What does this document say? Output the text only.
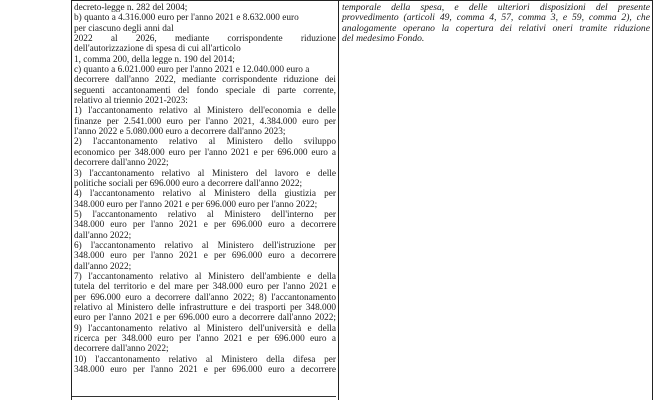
decreto-legge n. 282 del 2004;
b) quanto a 4.316.000 euro per l'anno 2021 e 8.632.000 euro
per ciascuno degli anni dal
2022 al 2026, mediante corrispondente riduzione
dell'autorizzazione di spesa di cui all'articolo
1, comma 200, della legge n. 190 del 2014;
c) quanto a 6.021.000 euro per l'anno 2021 e 12.040.000 euro a
decorrere dall'anno 2022, mediante corrispondente riduzione dei
seguenti accantonamenti del fondo speciale di parte corrente,
relativo al triennio 2021-2023:
1) l'accantonamento relativo al Ministero dell'economia e delle
finanze per 2.541.000 euro per l'anno 2021, 4.384.000 euro per
l'anno 2022 e 5.080.000 euro a decorrere dall'anno 2023;
2) l'accantonamento relativo al Ministero dello sviluppo
economico per 348.000 euro per l'anno 2021 e per 696.000 euro a
decorrere dall'anno 2022;
3) l'accantonamento relativo al Ministero del lavoro e delle
politiche sociali per 696.000 euro a decorrere dall'anno 2022;
4) l'accantonamento relativo al Ministero della giustizia per
348.000 euro per l'anno 2021 e per 696.000 euro per l'anno 2022;
5) l'accantonamento relativo al Ministero dell'interno per
348.000 euro per l'anno 2021 e per 696.000 euro a decorrere
dall'anno 2022;
6) l'accantonamento relativo al Ministero dell'istruzione per
348.000 euro per l'anno 2021 e per 696.000 euro a decorrere
dall'anno 2022;
7) l'accantonamento relativo al Ministero dell'ambiente e della
tutela del territorio e del mare per 348.000 euro per l'anno 2021 e
per 696.000 euro a decorrere dall'anno 2022; 8) l'accantonamento
relativo al Ministero delle infrastrutture e dei trasporti per 348.000
euro per l'anno 2021 e per 696.000 euro a decorrere dall'anno 2022;
9) l'accantonamento relativo al Ministero dell'università e della
ricerca per 348.000 euro per l'anno 2021 e per 696.000 euro a
decorrere dall'anno 2022;
10) l'accantonamento relativo al Ministero della difesa per
348.000 euro per l'anno 2021 e per 696.000 euro a decorrere
temporale della spesa, e delle ulteriori disposizioni del presente
provvedimento (articoli 49, comma 4, 57, comma 3, e 59, comma 2), che
analogamente operano la copertura dei relativi oneri tramite riduzione
del medesimo Fondo.
